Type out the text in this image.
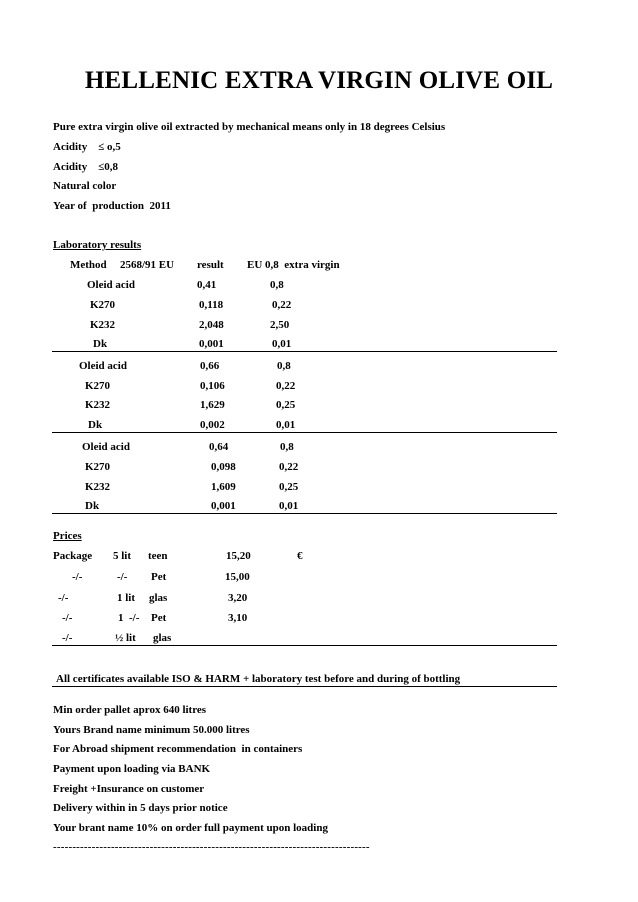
HELLENIC EXTRA VIRGIN OLIVE OIL
Pure extra virgin olive oil extracted by mechanical means only in 18 degrees Celsius
Acidity    ≤ o,5
Acidity    ≤0,8
Natural color
Year of  production  2011
Laboratory results
Method 2568/91 EU result EU 0,8  extra virgin
Oleid acid	0,41	0,8
K270	0,118	0,22
K232	2,048	2,50
Dk	0,001	0,01
Oleid acid	0,66	0,8
K270	0,106	0,22
K232	1,629	0,25
Dk	0,002	0,01
Oleid acid	0,64	0,8
K270	0,098	0,22
K232	1,609	0,25
Dk	0,001	0,01
Prices
Package 5 lit teen	15,20	€
-/-	-/- Pet	15,00
-/-	1 lit glas	3,20
-/-	1  -/- Pet	3,10
-/-	½ lit glas
All certificates available ISO & HARM + laboratory test before and during of bottling
Min order pallet aprox 640 litres
Yours Brand name minimum 50.000 litres
For Abroad shipment recommendation  in containers
Payment upon loading via BANK
Freight +Insurance on customer
Delivery within in 5 days prior notice
Your brant name 10% on order full payment upon loading
----------------------------------------------------------------------------------
